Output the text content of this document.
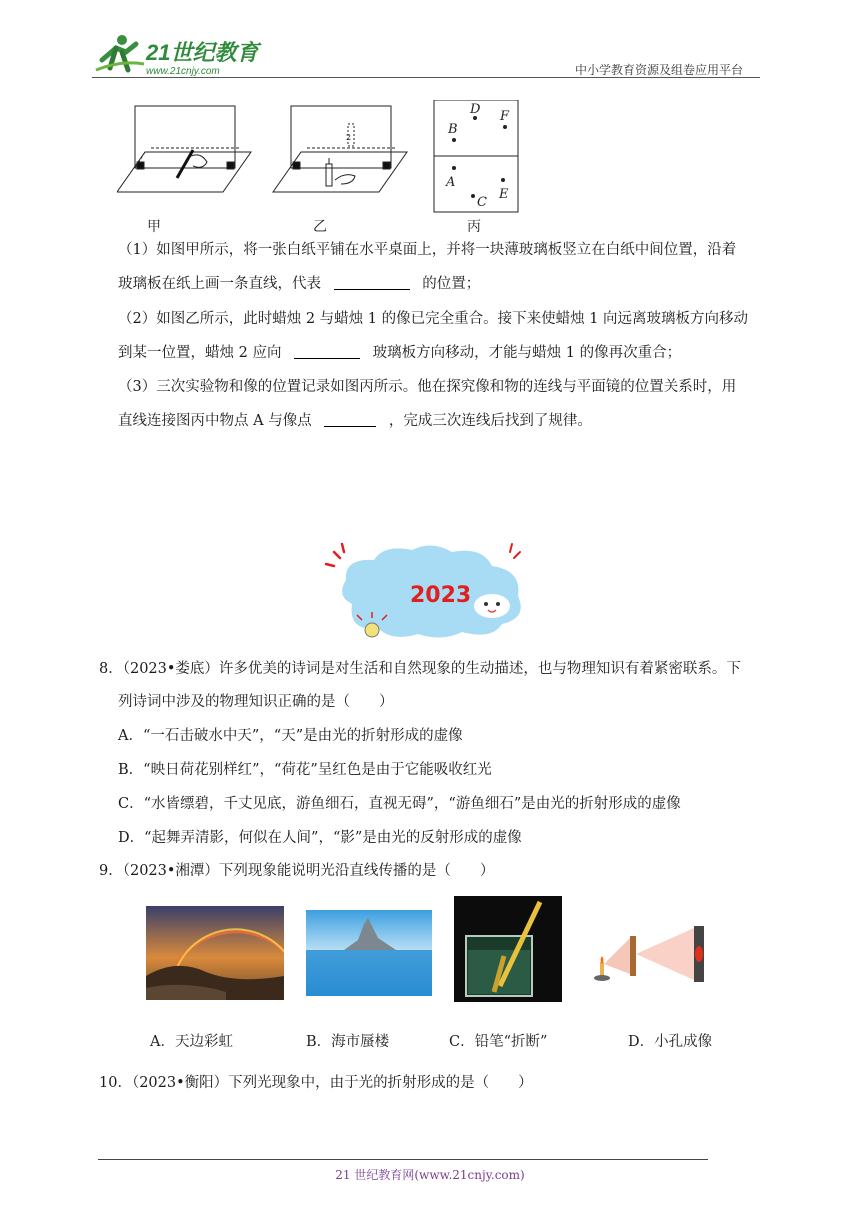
21世纪教育
www.21cnjy.com	中小学教育资源及组卷应用平台
2
D F
B
A
C
E
甲	乙	丙
（1）如图甲所示，将一张白纸平铺在水平桌面上，并将一块薄玻璃板竖立在白纸中间位置，沿着
玻璃板在纸上画一条直线，代表	的位置；
（2）如图乙所示，此时蜡烛 2 与蜡烛 1 的像已完全重合。接下来使蜡烛 1 向远离玻璃板方向移动
到某一位置，蜡烛 2 应向	玻璃板方向移动，才能与蜡烛 1 的像再次重合；
（3）三次实验物和像的位置记录如图丙所示。他在探究像和物的连线与平面镜的位置关系时，用
直线连接图丙中物点 A 与像点	，完成三次连线后找到了规律。
2023
8．（2023•娄底）许多优美的诗词是对生活和自然现象的生动描述，也与物理知识有着紧密联系。下
列诗词中涉及的物理知识正确的是（　　）
A．“一石击破水中天”，“天”是由光的折射形成的虚像
B．“映日荷花别样红”，“荷花”呈红色是由于它能吸收红光
C．“水皆缥碧，千丈见底，游鱼细石，直视无碍”，“游鱼细石”是由光的折射形成的虚像
D．“起舞弄清影，何似在人间”，“影”是由光的反射形成的虚像
9．（2023•湘潭）下列现象能说明光沿直线传播的是（　　）
A．天边彩虹	B．海市蜃楼	C．铅笔“折断”	D．小孔成像
10．（2023•衡阳）下列光现象中，由于光的折射形成的是（　　）
21 世纪教育网(www.21cnjy.com)
